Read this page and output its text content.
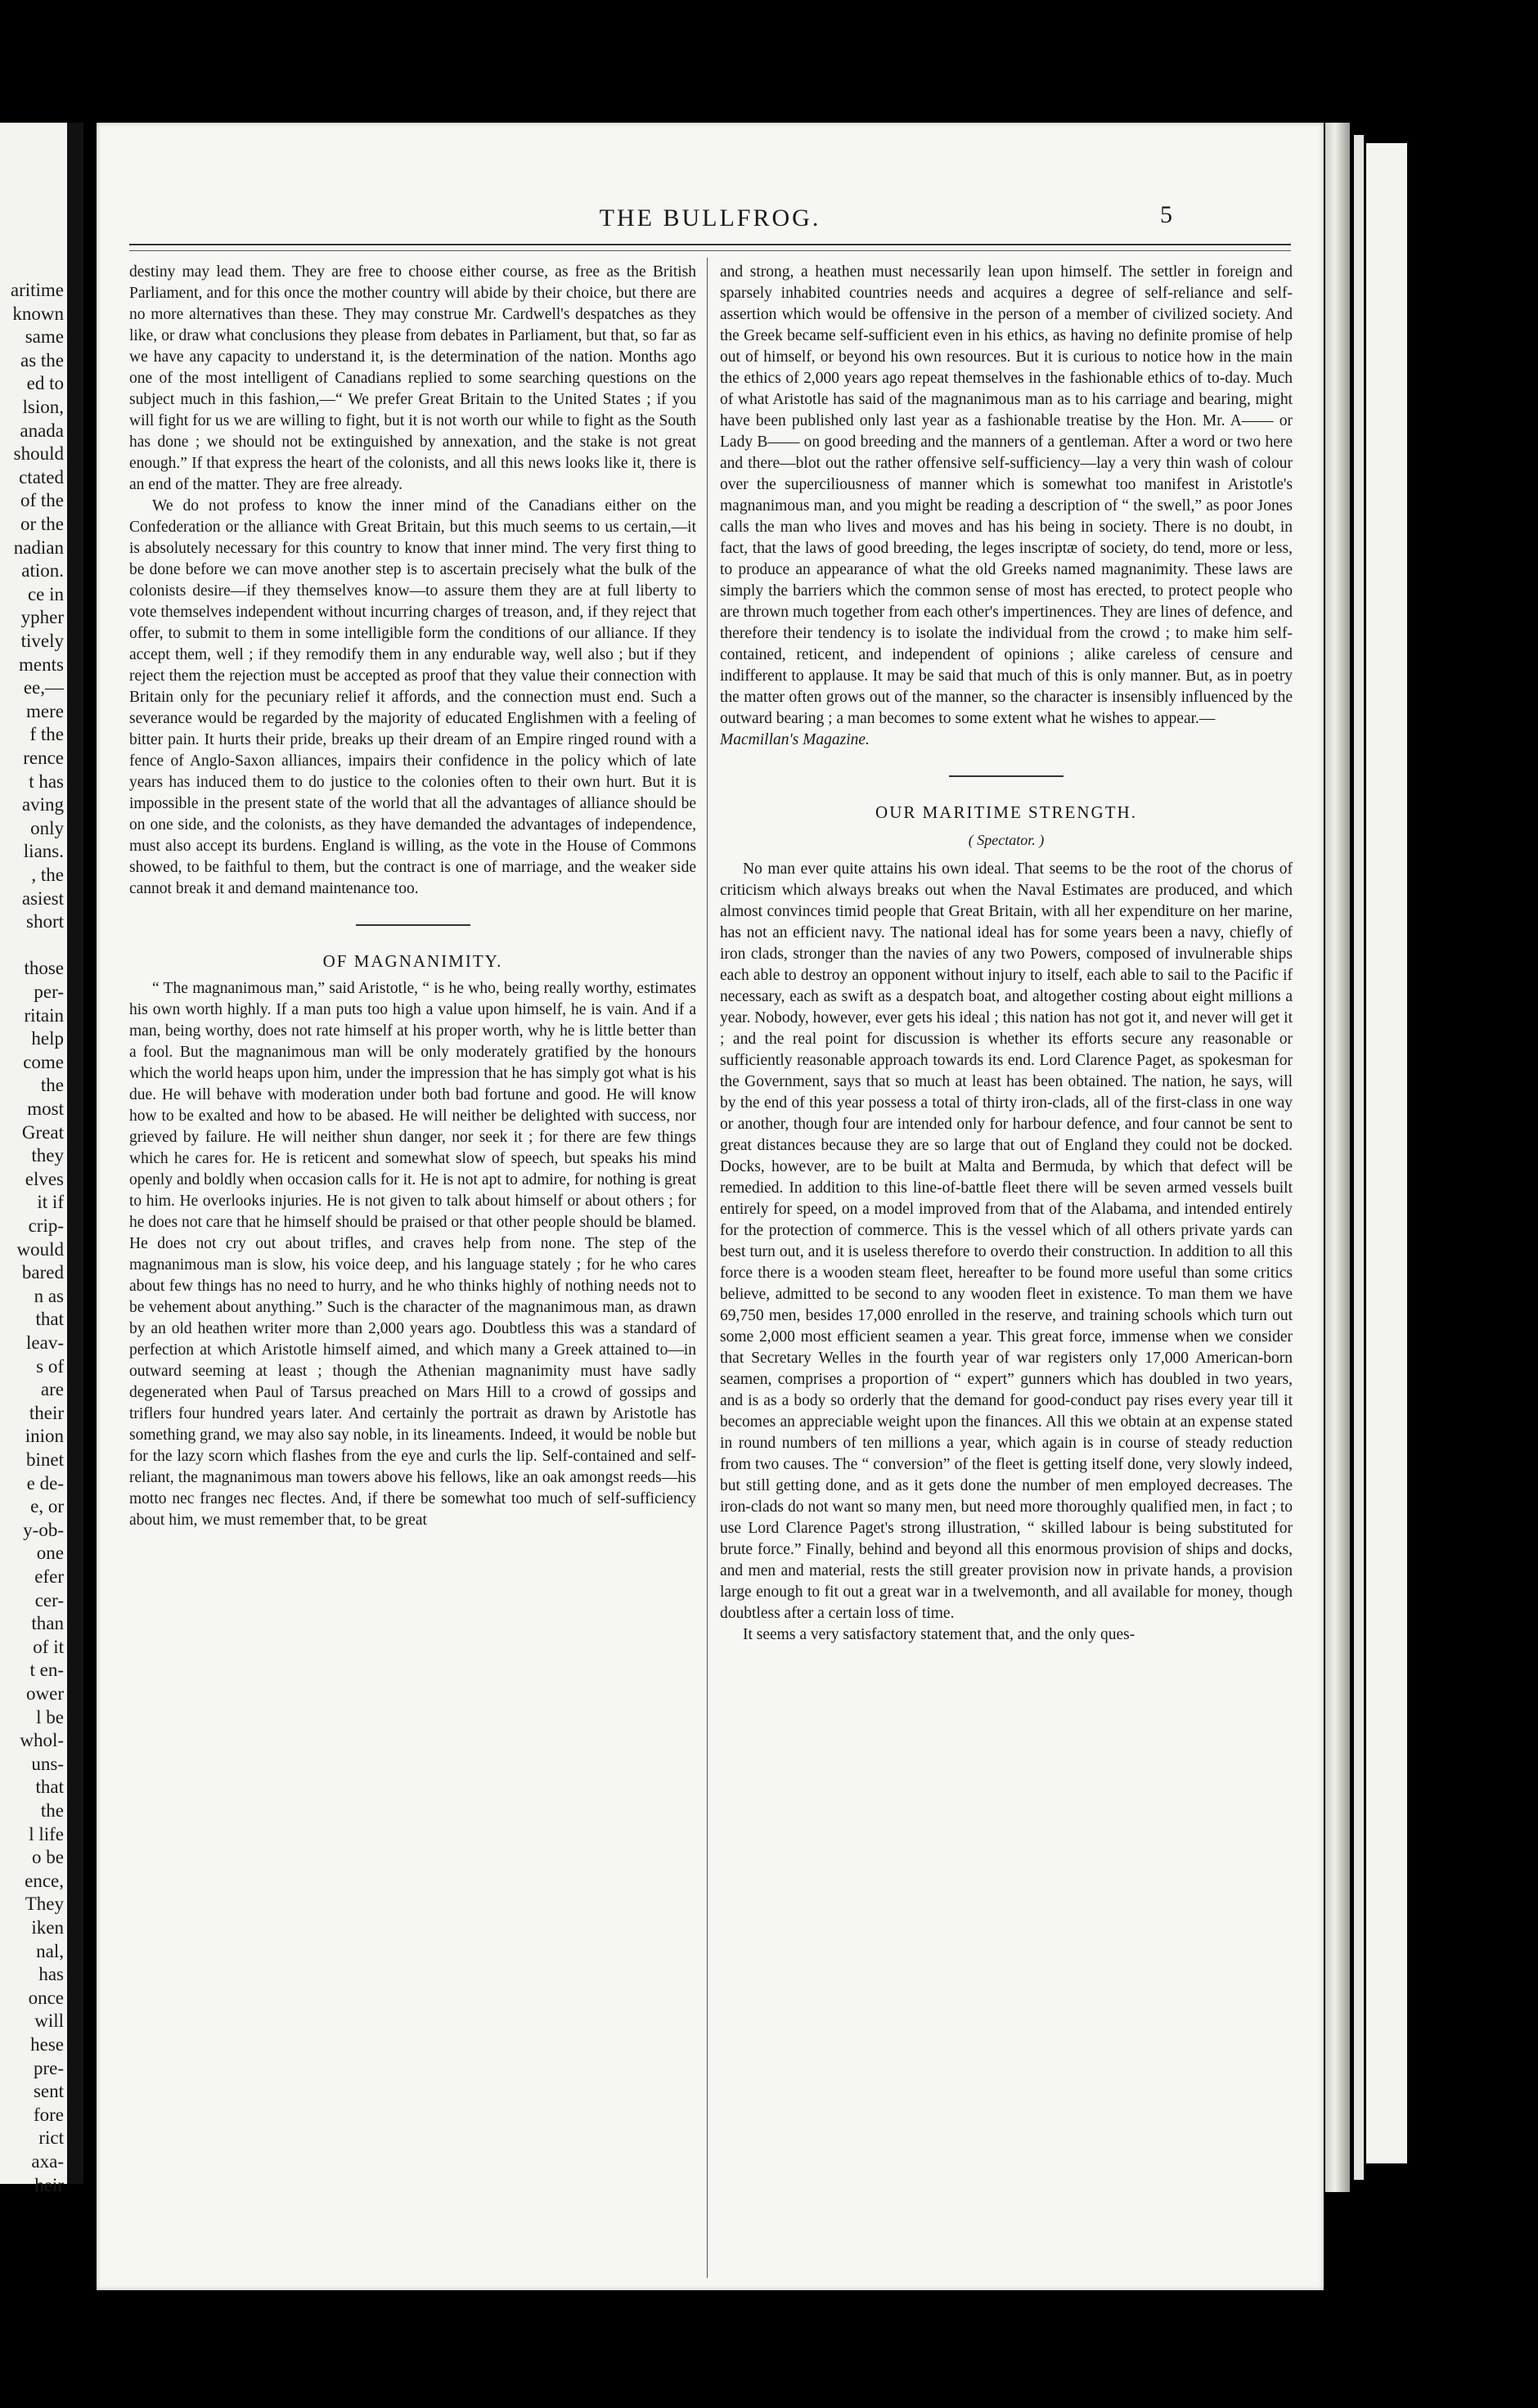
aritime
known
same
as the
ed to
lsion,
anada
should
ctated
of the
or the
nadian
ation.
ce in
ypher
tively
ments
ee,—
mere
f the
rence
t has
aving
only
lians.
, the
asiest
short
those
per-
ritain
help
come
the
most
Great
they
elves
it if
crip-
would
bared
n as
that
leav-
s of
are
their
inion
binet
e de-
e, or
y-ob-
one
efer
cer-
than
of it
t en-
ower
l be
whol-
uns-
that
the
l life
o be
ence,
They
iken
nal,
has
once
will
hese
pre-
sent
fore
rict
axa-
heir
THE BULLFROG.	5

destiny may lead them. They are free to choose either course, as free as the British Parliament, and for this once the mother country will abide by their choice, but there are no more alternatives than these. They may construe Mr. Cardwell's despatches as they like, or draw what conclusions they please from debates in Parliament, but that, so far as we have any capacity to understand it, is the determination of the nation. Months ago one of the most intelligent of Canadians replied to some searching questions on the subject much in this fashion,—“ We prefer Great Britain to the United States ; if you will fight for us we are willing to fight, but it is not worth our while to fight as the South has done ; we should not be extinguished by annexation, and the stake is not great enough.” If that express the heart of the colonists, and all this news looks like it, there is an end of the matter. They are free already.

We do not profess to know the inner mind of the Canadians either on the Confederation or the alliance with Great Britain, but this much seems to us certain,—it is absolutely necessary for this country to know that inner mind. The very first thing to be done before we can move another step is to ascertain precisely what the bulk of the colonists desire—if they themselves know—to assure them they are at full liberty to vote themselves independent without incurring charges of treason, and, if they reject that offer, to submit to them in some intelligible form the conditions of our alliance. If they accept them, well ; if they remodify them in any endurable way, well also ; but if they reject them the rejection must be accepted as proof that they value their connection with Britain only for the pecuniary relief it affords, and the connection must end. Such a severance would be regarded by the majority of educated Englishmen with a feeling of bitter pain. It hurts their pride, breaks up their dream of an Empire ringed round with a fence of Anglo-Saxon alliances, impairs their confidence in the policy which of late years has induced them to do justice to the colonies often to their own hurt. But it is impossible in the present state of the world that all the advantages of alliance should be on one side, and the colonists, as they have demanded the advantages of independence, must also accept its burdens. England is willing, as the vote in the House of Commons showed, to be faithful to them, but the contract is one of marriage, and the weaker side cannot break it and demand maintenance too.

OF MAGNANIMITY.

“ The magnanimous man,” said Aristotle, “ is he who, being really worthy, estimates his own worth highly. If a man puts too high a value upon himself, he is vain. And if a man, being worthy, does not rate himself at his proper worth, why he is little better than a fool. But the magnanimous man will be only moderately gratified by the honours which the world heaps upon him, under the impression that he has simply got what is his due. He will behave with moderation under both bad fortune and good. He will know how to be exalted and how to be abased. He will neither be delighted with success, nor grieved by failure. He will neither shun danger, nor seek it ; for there are few things which he cares for. He is reticent and somewhat slow of speech, but speaks his mind openly and boldly when occasion calls for it. He is not apt to admire, for nothing is great to him. He overlooks injuries. He is not given to talk about himself or about others ; for he does not care that he himself should be praised or that other people should be blamed. He does not cry out about trifles, and craves help from none. The step of the magnanimous man is slow, his voice deep, and his language stately ; for he who cares about few things has no need to hurry, and he who thinks highly of nothing needs not to be vehement about anything.” Such is the character of the magnanimous man, as drawn by an old heathen writer more than 2,000 years ago. Doubtless this was a standard of perfection at which Aristotle himself aimed, and which many a Greek attained to—in outward seeming at least ; though the Athenian magnanimity must have sadly degenerated when Paul of Tarsus preached on Mars Hill to a crowd of gossips and triflers four hundred years later. And certainly the portrait as drawn by Aristotle has something grand, we may also say noble, in its lineaments. Indeed, it would be noble but for the lazy scorn which flashes from the eye and curls the lip. Self-contained and self-reliant, the magnanimous man towers above his fellows, like an oak amongst reeds—his motto nec franges nec flectes. And, if there be somewhat too much of self-sufficiency about him, we must remember that, to be great

and strong, a heathen must necessarily lean upon himself. The settler in foreign and sparsely inhabited countries needs and acquires a degree of self-reliance and self-assertion which would be offensive in the person of a member of civilized society. And the Greek became self-sufficient even in his ethics, as having no definite promise of help out of himself, or beyond his own resources. But it is curious to notice how in the main the ethics of 2,000 years ago repeat themselves in the fashionable ethics of to-day. Much of what Aristotle has said of the magnanimous man as to his carriage and bearing, might have been published only last year as a fashionable treatise by the Hon. Mr. A—— or Lady B—— on good breeding and the manners of a gentleman. After a word or two here and there—blot out the rather offensive self-sufficiency—lay a very thin wash of colour over the superciliousness of manner which is somewhat too manifest in Aristotle's magnanimous man, and you might be reading a description of “ the swell,” as poor Jones calls the man who lives and moves and has his being in society. There is no doubt, in fact, that the laws of good breeding, the leges inscriptæ of society, do tend, more or less, to produce an appearance of what the old Greeks named magnanimity. These laws are simply the barriers which the common sense of most has erected, to protect people who are thrown much together from each other's impertinences. They are lines of defence, and therefore their tendency is to isolate the individual from the crowd ; to make him self-contained, reticent, and independent of opinions ; alike careless of censure and indifferent to applause. It may be said that much of this is only manner. But, as in poetry the matter often grows out of the manner, so the character is insensibly influenced by the outward bearing ; a man becomes to some extent what he wishes to appear.—

Macmillan's Magazine.

OUR MARITIME STRENGTH.
( Spectator. )

No man ever quite attains his own ideal. That seems to be the root of the chorus of criticism which always breaks out when the Naval Estimates are produced, and which almost convinces timid people that Great Britain, with all her expenditure on her marine, has not an efficient navy. The national ideal has for some years been a navy, chiefly of iron clads, stronger than the navies of any two Powers, composed of invulnerable ships each able to destroy an opponent without injury to itself, each able to sail to the Pacific if necessary, each as swift as a despatch boat, and altogether costing about eight millions a year. Nobody, however, ever gets his ideal ; this nation has not got it, and never will get it ; and the real point for discussion is whether its efforts secure any reasonable or sufficiently reasonable approach towards its end. Lord Clarence Paget, as spokesman for the Government, says that so much at least has been obtained. The nation, he says, will by the end of this year possess a total of thirty iron-clads, all of the first-class in one way or another, though four are intended only for harbour defence, and four cannot be sent to great distances because they are so large that out of England they could not be docked. Docks, however, are to be built at Malta and Bermuda, by which that defect will be remedied. In addition to this line-of-battle fleet there will be seven armed vessels built entirely for speed, on a model improved from that of the Alabama, and intended entirely for the protection of commerce. This is the vessel which of all others private yards can best turn out, and it is useless therefore to overdo their construction. In addition to all this force there is a wooden steam fleet, hereafter to be found more useful than some critics believe, admitted to be second to any wooden fleet in existence. To man them we have 69,750 men, besides 17,000 enrolled in the reserve, and training schools which turn out some 2,000 most efficient seamen a year. This great force, immense when we consider that Secretary Welles in the fourth year of war registers only 17,000 American-born seamen, comprises a proportion of “ expert” gunners which has doubled in two years, and is as a body so orderly that the demand for good-conduct pay rises every year till it becomes an appreciable weight upon the finances. All this we obtain at an expense stated in round numbers of ten millions a year, which again is in course of steady reduction from two causes. The “ conversion” of the fleet is getting itself done, very slowly indeed, but still getting done, and as it gets done the number of men employed decreases. The iron-clads do not want so many men, but need more thoroughly qualified men, in fact ; to use Lord Clarence Paget's strong illustration, “ skilled labour is being substituted for brute force.” Finally, behind and beyond all this enormous provision of ships and docks, and men and material, rests the still greater provision now in private hands, a provision large enough to fit out a great war in a twelvemonth, and all available for money, though doubtless after a certain loss of time.

It seems a very satisfactory statement that, and the only ques-
